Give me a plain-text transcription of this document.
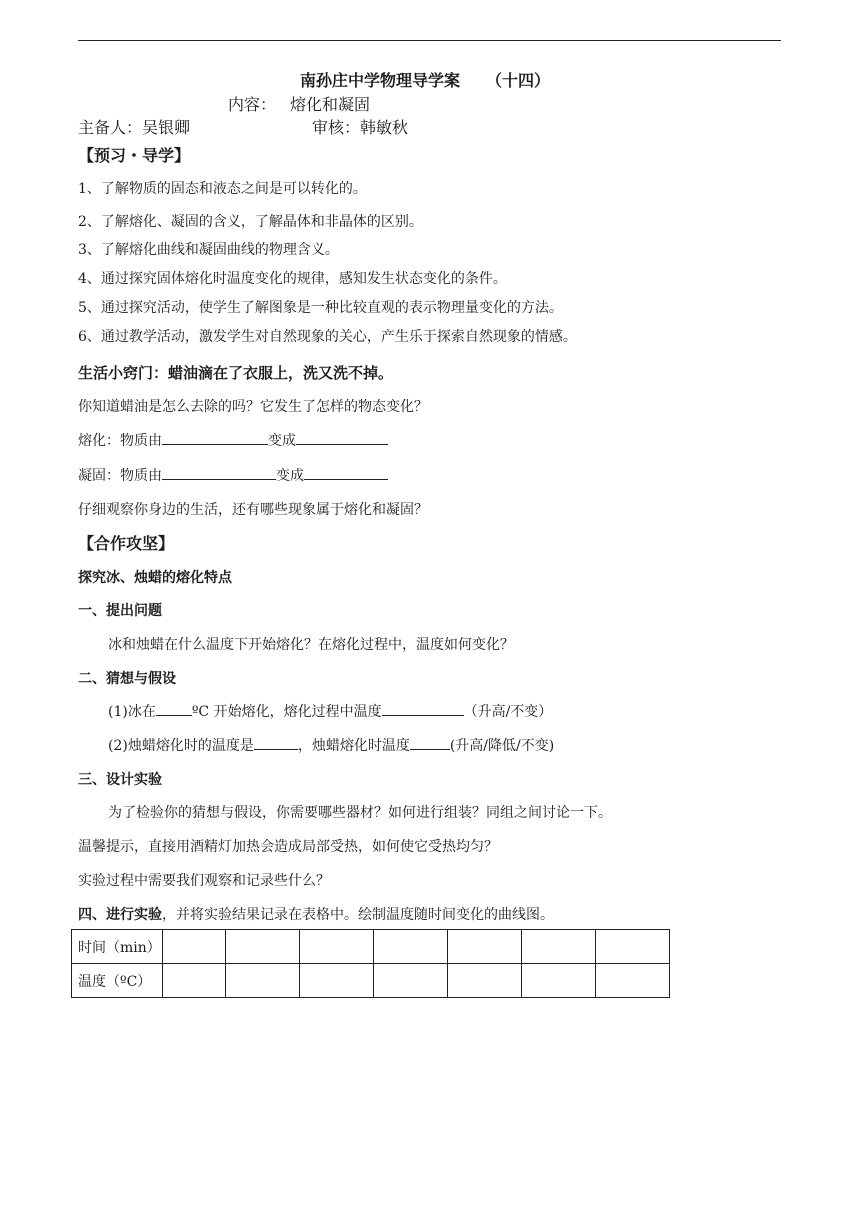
南孙庄中学物理导学案 （十四）
内容： 熔化和凝固
主备人：吴银卿	审核：韩敏秋
【预习・导学】
1、了解物质的固态和液态之间是可以转化的。
2、了解熔化、凝固的含义，了解晶体和非晶体的区别。
3、了解熔化曲线和凝固曲线的物理含义。
4、通过探究固体熔化时温度变化的规律，感知发生状态变化的条件。
5、通过探究活动，使学生了解图象是一种比较直观的表示物理量变化的方法。
6、通过教学活动，激发学生对自然现象的关心，产生乐于探索自然现象的情感。
生活小窍门：蜡油滴在了衣服上，洗又洗不掉。
你知道蜡油是怎么去除的吗？它发生了怎样的物态变化？
熔化：物质由	变成
凝固：物质由	变成
仔细观察你身边的生活，还有哪些现象属于熔化和凝固？
【合作攻坚】
探究冰、烛蜡的熔化特点
一、提出问题
冰和烛蜡在什么温度下开始熔化？在熔化过程中，温度如何变化？
二、猜想与假设
(1)冰在	ºC 开始熔化，熔化过程中温度	（升高/不变）
(2)烛蜡熔化时的温度是	，烛蜡熔化时温度	(升高/降低/不变)
三、设计实验
为了检验你的猜想与假设，你需要哪些器材？如何进行组装？同组之间讨论一下。
温馨提示，直接用酒精灯加热会造成局部受热，如何使它受热均匀？
实验过程中需要我们观察和记录些什么？
四、进行实验，并将实验结果记录在表格中。绘制温度随时间变化的曲线图。
时间（min）							
温度（ºC）							
